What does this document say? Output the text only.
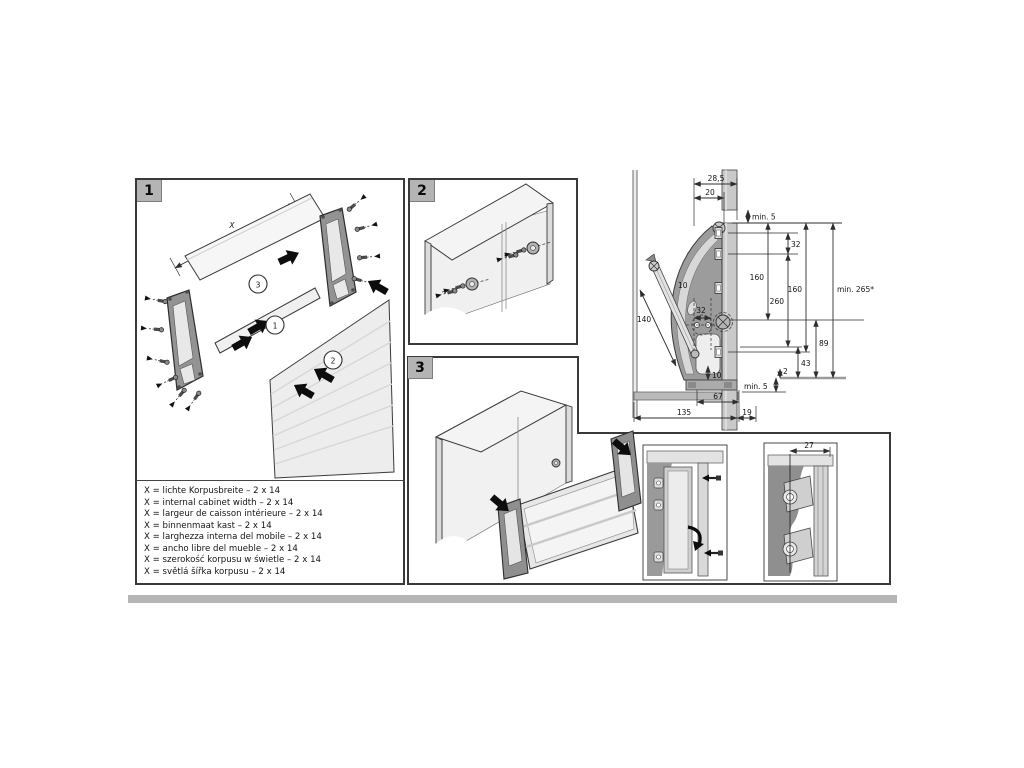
1
X
3
1
2
X = lichte Korpusbreite – 2 x 14
X = internal cabinet width – 2 x 14
X = largeur de caisson intérieure – 2 x 14
X = binnenmaat kast – 2 x 14
X = larghezza interna del mobile – 2 x 14
X = ancho libre del mueble – 2 x 14
X = szerokość korpusu w świetle – 2 x 14
X = světlá šířka korpusu – 2 x 14
2
27
3
28,5
20
min. 5
32
160
260
160	min. 265*
89
43
2
min. 5
140
10
32
10
67
135	19
